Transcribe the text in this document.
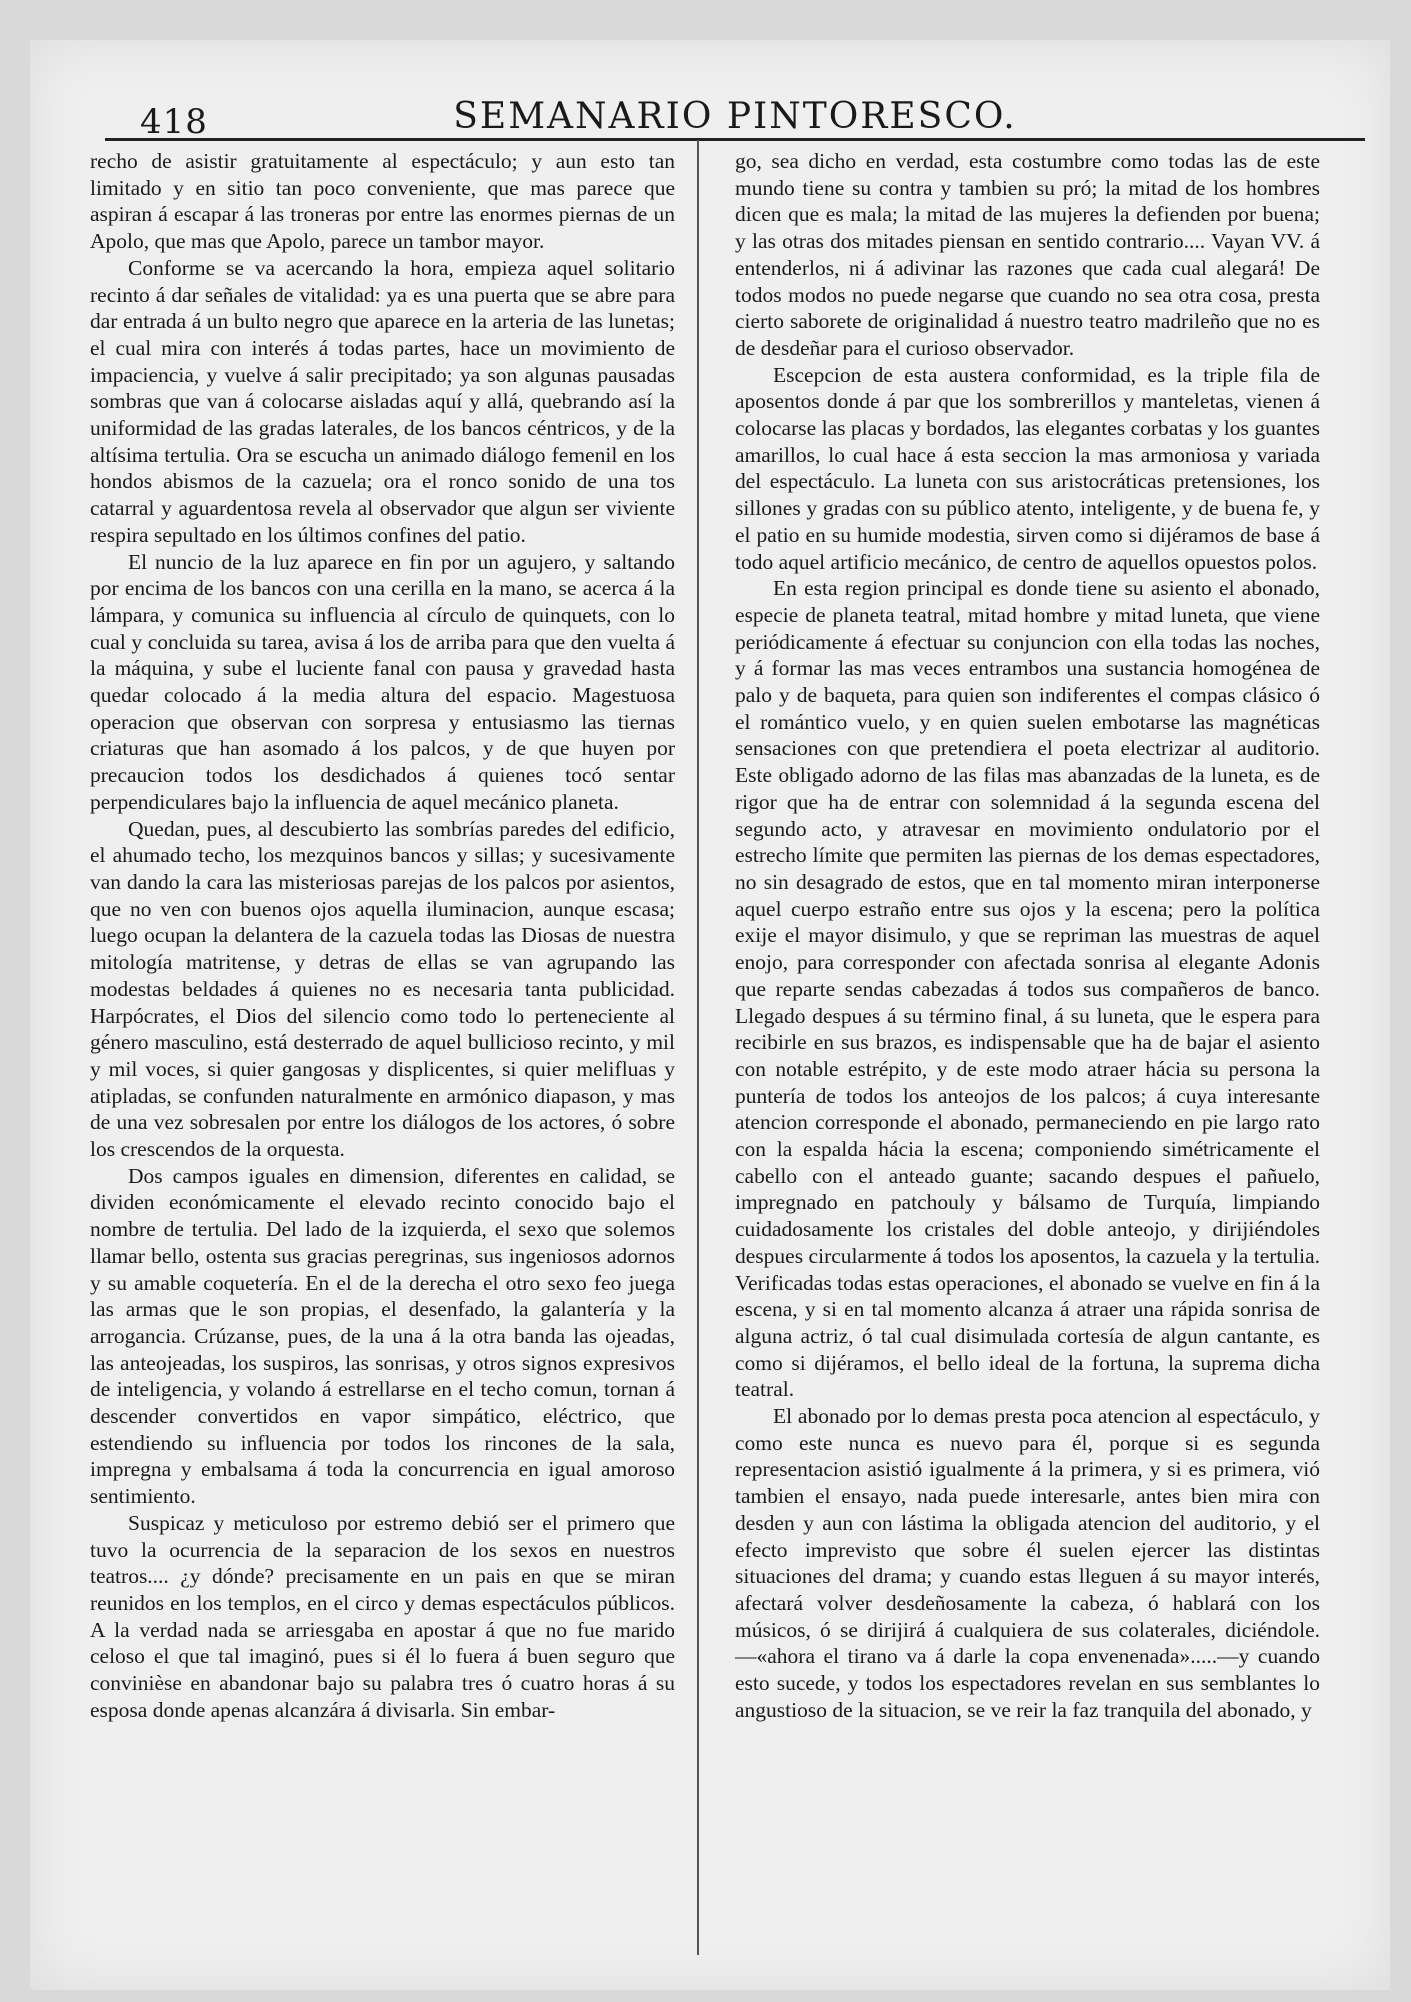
418	SEMANARIO PINTORESCO.

recho de asistir gratuitamente al espectáculo; y aun esto tan limitado y en sitio tan poco conveniente, que mas parece que aspiran á escapar á las troneras por entre las enormes piernas de un Apolo, que mas que Apolo, parece un tambor mayor.

Conforme se va acercando la hora, empieza aquel solitario recinto á dar señales de vitalidad: ya es una puerta que se abre para dar entrada á un bulto negro que aparece en la arteria de las lunetas; el cual mira con interés á todas partes, hace un movimiento de impaciencia, y vuelve á salir precipitado; ya son algunas pausadas sombras que van á colocarse aisladas aquí y allá, quebrando así la uniformidad de las gradas laterales, de los bancos céntricos, y de la altísima tertulia. Ora se escucha un animado diálogo femenil en los hondos abismos de la cazuela; ora el ronco sonido de una tos catarral y aguardentosa revela al observador que algun ser viviente respira sepultado en los últimos confines del patio.

El nuncio de la luz aparece en fin por un agujero, y saltando por encima de los bancos con una cerilla en la mano, se acerca á la lámpara, y comunica su influencia al círculo de quinquets, con lo cual y concluida su tarea, avisa á los de arriba para que den vuelta á la máquina, y sube el luciente fanal con pausa y gravedad hasta quedar colocado á la media altura del espacio. Magestuosa operacion que observan con sorpresa y entusiasmo las tiernas criaturas que han asomado á los palcos, y de que huyen por precaucion todos los desdichados á quienes tocó sentar perpendiculares bajo la influencia de aquel mecánico planeta.

Quedan, pues, al descubierto las sombrías paredes del edificio, el ahumado techo, los mezquinos bancos y sillas; y sucesivamente van dando la cara las misteriosas parejas de los palcos por asientos, que no ven con buenos ojos aquella iluminacion, aunque escasa; luego ocupan la delantera de la cazuela todas las Diosas de nuestra mitología matritense, y detras de ellas se van agrupando las modestas beldades á quienes no es necesaria tanta publicidad. Harpócrates, el Dios del silencio como todo lo perteneciente al género masculino, está desterrado de aquel bullicioso recinto, y mil y mil voces, si quier gangosas y displicentes, si quier melifluas y atipladas, se confunden naturalmente en armónico diapason, y mas de una vez sobresalen por entre los diálogos de los actores, ó sobre los crescendos de la orquesta.

Dos campos iguales en dimension, diferentes en calidad, se dividen económicamente el elevado recinto conocido bajo el nombre de tertulia. Del lado de la izquierda, el sexo que solemos llamar bello, ostenta sus gracias peregrinas, sus ingeniosos adornos y su amable coquetería. En el de la derecha el otro sexo feo juega las armas que le son propias, el desenfado, la galantería y la arrogancia. Crúzanse, pues, de la una á la otra banda las ojeadas, las anteojeadas, los suspiros, las sonrisas, y otros signos expresivos de inteligencia, y volando á estrellarse en el techo comun, tornan á descender convertidos en vapor simpático, eléctrico, que estendiendo su influencia por todos los rincones de la sala, impregna y embalsama á toda la concurrencia en igual amoroso sentimiento.

Suspicaz y meticuloso por estremo debió ser el primero que tuvo la ocurrencia de la separacion de los sexos en nuestros teatros.... ¿y dónde? precisamente en un pais en que se miran reunidos en los templos, en el circo y demas espectáculos públicos. A la verdad nada se arriesgaba en apostar á que no fue marido celoso el que tal imaginó, pues si él lo fuera á buen seguro que convinièse en abandonar bajo su palabra tres ó cuatro horas á su esposa donde apenas alcanzára á divisarla. Sin embar-

go, sea dicho en verdad, esta costumbre como todas las de este mundo tiene su contra y tambien su pró; la mitad de los hombres dicen que es mala; la mitad de las mujeres la defienden por buena; y las otras dos mitades piensan en sentido contrario.... Vayan VV. á entenderlos, ni á adivinar las razones que cada cual alegará! De todos modos no puede negarse que cuando no sea otra cosa, presta cierto saborete de originalidad á nuestro teatro madrileño que no es de desdeñar para el curioso observador.

Escepcion de esta austera conformidad, es la triple fila de aposentos donde á par que los sombrerillos y manteletas, vienen á colocarse las placas y bordados, las elegantes corbatas y los guantes amarillos, lo cual hace á esta seccion la mas armoniosa y variada del espectáculo. La luneta con sus aristocráticas pretensiones, los sillones y gradas con su público atento, inteligente, y de buena fe, y el patio en su humide modestia, sirven como si dijéramos de base á todo aquel artificio mecánico, de centro de aquellos opuestos polos.

En esta region principal es donde tiene su asiento el abonado, especie de planeta teatral, mitad hombre y mitad luneta, que viene periódicamente á efectuar su conjuncion con ella todas las noches, y á formar las mas veces entrambos una sustancia homogénea de palo y de baqueta, para quien son indiferentes el compas clásico ó el romántico vuelo, y en quien suelen embotarse las magnéticas sensaciones con que pretendiera el poeta electrizar al auditorio. Este obligado adorno de las filas mas abanzadas de la luneta, es de rigor que ha de entrar con solemnidad á la segunda escena del segundo acto, y atravesar en movimiento ondulatorio por el estrecho límite que permiten las piernas de los demas espectadores, no sin desagrado de estos, que en tal momento miran interponerse aquel cuerpo estraño entre sus ojos y la escena; pero la política exije el mayor disimulo, y que se repriman las muestras de aquel enojo, para corresponder con afectada sonrisa al elegante Adonis que reparte sendas cabezadas á todos sus compañeros de banco. Llegado despues á su término final, á su luneta, que le espera para recibirle en sus brazos, es indispensable que ha de bajar el asiento con notable estrépito, y de este modo atraer hácia su persona la puntería de todos los anteojos de los palcos; á cuya interesante atencion corresponde el abonado, permaneciendo en pie largo rato con la espalda hácia la escena; componiendo simétricamente el cabello con el anteado guante; sacando despues el pañuelo, impregnado en patchouly y bálsamo de Turquía, limpiando cuidadosamente los cristales del doble anteojo, y dirijiéndoles despues circularmente á todos los aposentos, la cazuela y la tertulia. Verificadas todas estas operaciones, el abonado se vuelve en fin á la escena, y si en tal momento alcanza á atraer una rápida sonrisa de alguna actriz, ó tal cual disimulada cortesía de algun cantante, es como si dijéramos, el bello ideal de la fortuna, la suprema dicha teatral.

El abonado por lo demas presta poca atencion al espectáculo, y como este nunca es nuevo para él, porque si es segunda representacion asistió igualmente á la primera, y si es primera, vió tambien el ensayo, nada puede interesarle, antes bien mira con desden y aun con lástima la obligada atencion del auditorio, y el efecto imprevisto que sobre él suelen ejercer las distintas situaciones del drama; y cuando estas lleguen á su mayor interés, afectará volver desdeñosamente la cabeza, ó hablará con los músicos, ó se dirijirá á cualquiera de sus colaterales, diciéndole.—«ahora el tirano va á darle la copa envenenada».....—y cuando esto sucede, y todos los espectadores revelan en sus semblantes lo angustioso de la situacion, se ve reir la faz tranquila del abonado, y
